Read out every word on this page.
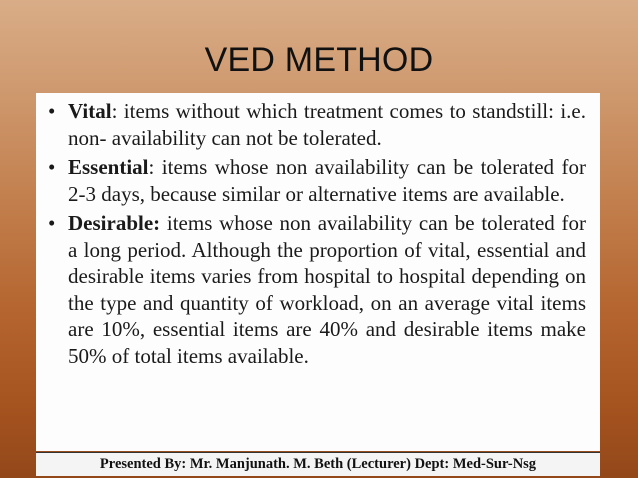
VED METHOD
• Vital: items without which treatment comes to standstill: i.e. non- availability can not be tolerated.
• Essential: items whose non availability can be tolerated for 2-3 days, because similar or alternative items are available.
• Desirable: items whose non availability can be tolerated for a long period. Although the proportion of vital, essential and desirable items varies from hospital to hospital depending on the type and quantity of workload, on an average vital items are 10%, essential items are 40% and desirable items make 50% of total items available.
Presented By: Mr. Manjunath. M. Beth (Lecturer) Dept: Med-Sur-Nsg
